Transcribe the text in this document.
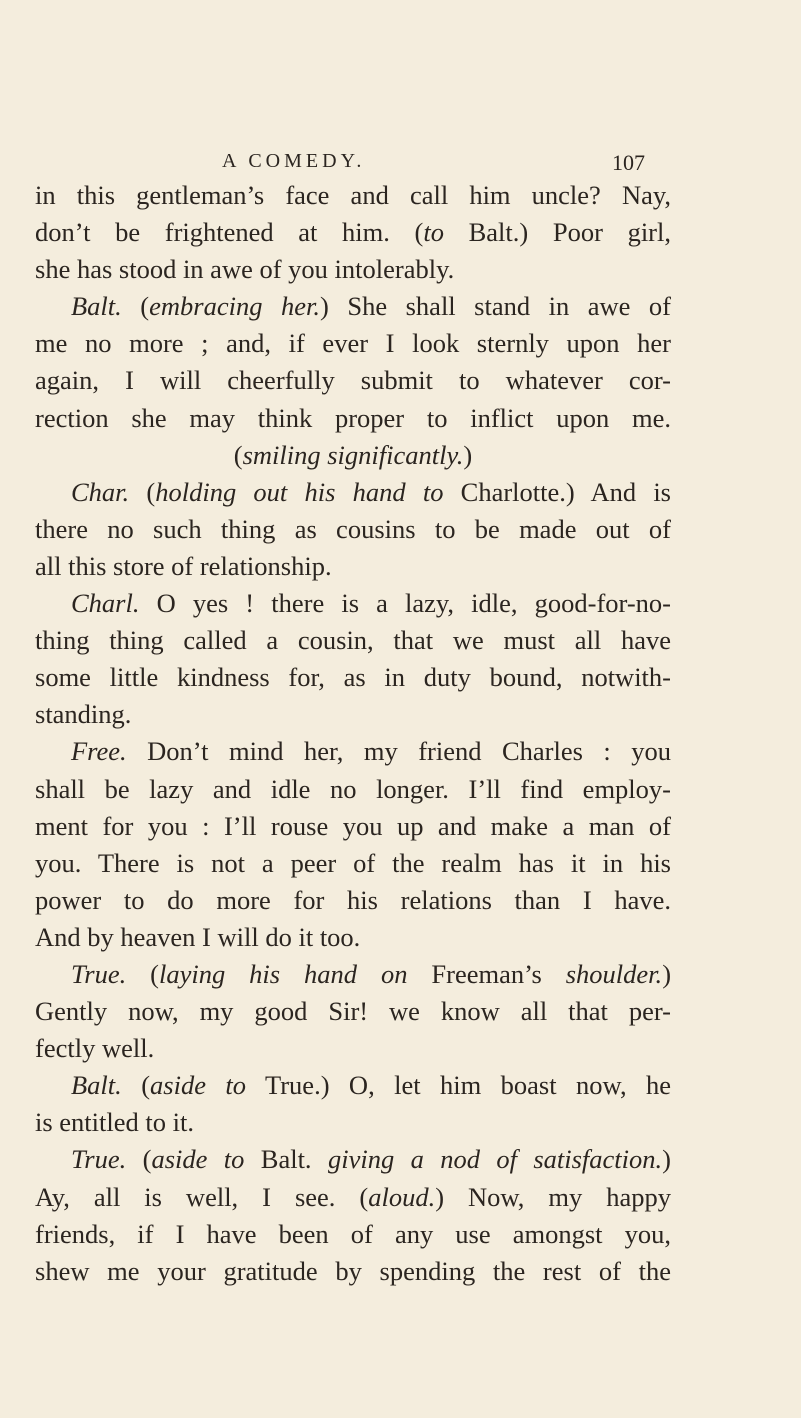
A COMEDY.	107
in this gentleman’s face and call him uncle? Nay,
don’t be frightened at him. (to Balt.) Poor girl,
she has stood in awe of you intolerably.
Balt. (embracing her.) She shall stand in awe of
me no more ; and, if ever I look sternly upon her
again, I will cheerfully submit to whatever cor-
rection she may think proper to inflict upon me.
(smiling significantly.)
Char. (holding out his hand to Charlotte.) And is
there no such thing as cousins to be made out of
all this store of relationship.
Charl. O yes ! there is a lazy, idle, good-for-no-
thing thing called a cousin, that we must all have
some little kindness for, as in duty bound, notwith-
standing.
Free. Don’t mind her, my friend Charles : you
shall be lazy and idle no longer. I’ll find employ-
ment for you : I’ll rouse you up and make a man of
you. There is not a peer of the realm has it in his
power to do more for his relations than I have.
And by heaven I will do it too.
True. (laying his hand on Freeman’s shoulder.)
Gently now, my good Sir! we know all that per-
fectly well.
Balt. (aside to True.) O, let him boast now, he
is entitled to it.
True. (aside to Balt. giving a nod of satisfaction.)
Ay, all is well, I see. (aloud.) Now, my happy
friends, if I have been of any use amongst you,
shew me your gratitude by spending the rest of the
